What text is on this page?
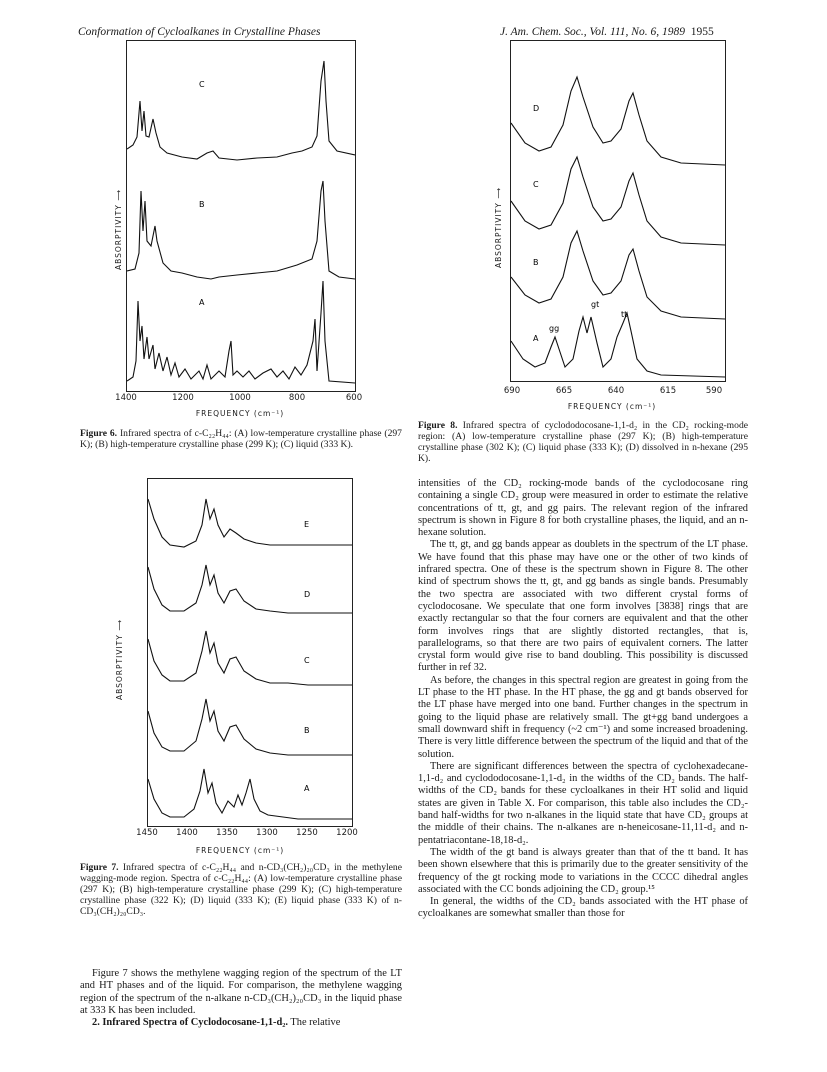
Conformation of Cycloalkanes in Crystalline Phases	J. Am. Chem. Soc., Vol. 111, No. 6, 1989 1955
ABSORPTIVITY ⟶
C
B
A
1400	1200	1000	800	600
FREQUENCY (cm⁻¹)
Figure 6. Infrared spectra of c-C₂₂H₄₄: (A) low-temperature crystalline phase (297 K); (B) high-temperature crystalline phase (299 K); (C) liquid (333 K).
ABSORPTIVITY ⟶
E
D
C
B
A
1450 1400 1350 1300 1250 1200
FREQUENCY (cm⁻¹)
Figure 7. Infrared spectra of c-C₂₂H₄₄ and n-CD₃(CH₂)₂₀CD₃ in the methylene wagging-mode region. Spectra of c-C₂₂H₄₄: (A) low-temperature crystalline phase (297 K); (B) high-temperature crystalline phase (299 K); (C) high-temperature crystalline phase (322 K); (D) liquid (333 K); (E) liquid phase (333 K) of n-CD₃(CH₂)₂₀CD₃.

Figure 7 shows the methylene wagging region of the spectrum of the LT and HT phases and of the liquid. For comparison, the methylene wagging region of the spectrum of the n-alkane n-CD₃(CH₂)₂₀CD₃ in the liquid phase at 333 K has been included.

2. Infrared Spectra of Cyclodocosane-1,1-d₂. The relative

ABSORPTIVITY ⟶
D
C
B
A
gg
gt
tt
690	665	640	615	590
FREQUENCY (cm⁻¹)
Figure 8. Infrared spectra of cyclododocosane-1,1-d₂ in the CD₂ rocking-mode region: (A) low-temperature crystalline phase (297 K); (B) high-temperature crystalline phase (302 K); (C) liquid phase (333 K); (D) dissolved in n-hexane (295 K).

intensities of the CD₂ rocking-mode bands of the cyclodocosane ring containing a single CD₂ group were measured in order to estimate the relative concentrations of tt, gt, and gg pairs. The relevant region of the infrared spectrum is shown in Figure 8 for both crystalline phases, the liquid, and an n-hexane solution.

The tt, gt, and gg bands appear as doublets in the spectrum of the LT phase. We have found that this phase may have one or the other of two kinds of infrared spectra. One of these is the spectrum shown in Figure 8. The other kind of spectrum shows the tt, gt, and gg bands as single bands. Presumably the two spectra are associated with two different crystal forms of cyclodocosane. We speculate that one form involves [3838] rings that are exactly rectangular so that the four corners are equivalent and that the other form involves rings that are slightly distorted rectangles, that is, parallelograms, so that there are two pairs of equivalent corners. The latter crystal form would give rise to band doubling. This possibility is discussed further in ref 32.

As before, the changes in this spectral region are greatest in going from the LT phase to the HT phase. In the HT phase, the gg and gt bands observed for the LT phase have merged into one band. Further changes in the spectrum in going to the liquid phase are relatively small. The gt+gg band undergoes a small downward shift in frequency (~2 cm⁻¹) and some increased broadening. There is very little difference between the spectrum of the liquid and that of the solution.

There are significant differences between the spectra of cyclohexadecane-1,1-d₂ and cyclododocosane-1,1-d₂ in the widths of the CD₂ bands. The half-widths of the CD₂ bands for these cycloalkanes in their HT solid and liquid states are given in Table X. For comparison, this table also includes the CD₂-band half-widths for two n-alkanes in the liquid state that have CD₂ groups at the middle of their chains. The n-alkanes are n-heneicosane-11,11-d₂ and n-pentatriacontane-18,18-d₂.

The width of the gt band is always greater than that of the tt band. It has been shown elsewhere that this is primarily due to the greater sensitivity of the frequency of the gt rocking mode to variations in the CCCC dihedral angles associated with the CC bonds adjoining the CD₂ group.¹⁵

In general, the widths of the CD₂ bands associated with the HT phase of cycloalkanes are somewhat smaller than those for
